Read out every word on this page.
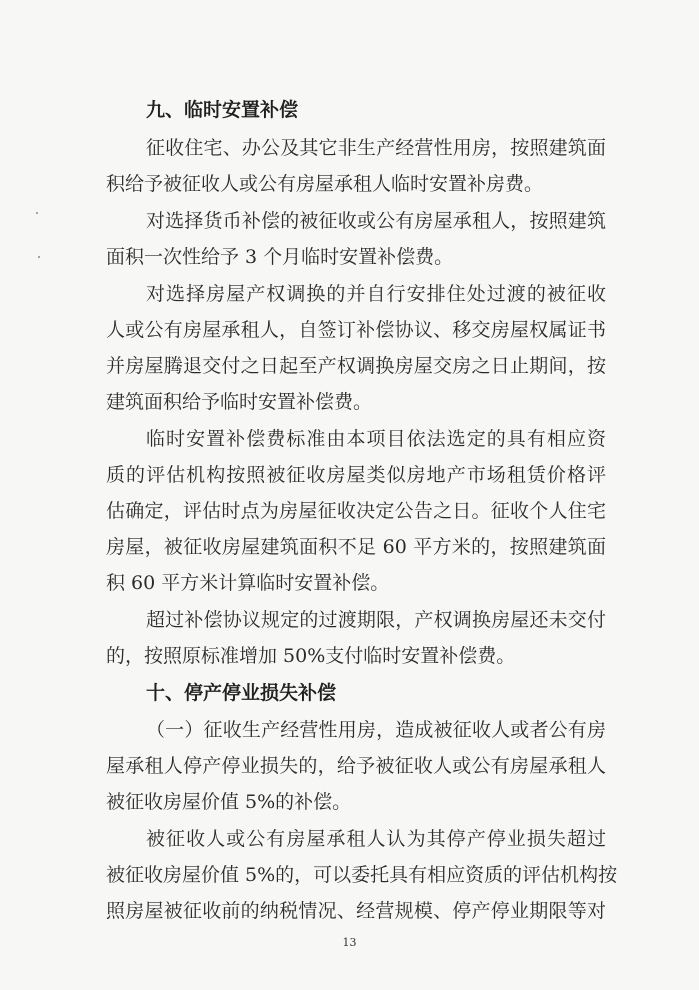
九、临时安置补偿
征收住宅、办公及其它非生产经营性用房，按照建筑面
积给予被征收人或公有房屋承租人临时安置补房费。
对选择货币补偿的被征收或公有房屋承租人，按照建筑
面积一次性给予 3 个月临时安置补偿费。
对选择房屋产权调换的并自行安排住处过渡的被征收
人或公有房屋承租人，自签订补偿协议、移交房屋权属证书
并房屋腾退交付之日起至产权调换房屋交房之日止期间，按
建筑面积给予临时安置补偿费。
临时安置补偿费标准由本项目依法选定的具有相应资
质的评估机构按照被征收房屋类似房地产市场租赁价格评
估确定，评估时点为房屋征收决定公告之日。征收个人住宅
房屋，被征收房屋建筑面积不足 60 平方米的，按照建筑面
积 60 平方米计算临时安置补偿。
超过补偿协议规定的过渡期限，产权调换房屋还未交付
的，按照原标准增加 50%支付临时安置补偿费。
十、停产停业损失补偿
（一）征收生产经营性用房，造成被征收人或者公有房
屋承租人停产停业损失的，给予被征收人或公有房屋承租人
被征收房屋价值 5%的补偿。
被征收人或公有房屋承租人认为其停产停业损失超过
13
被征收房屋价值 5%的，可以委托具有相应资质的评估机构按
照房屋被征收前的纳税情况、经营规模、停产停业期限等对
